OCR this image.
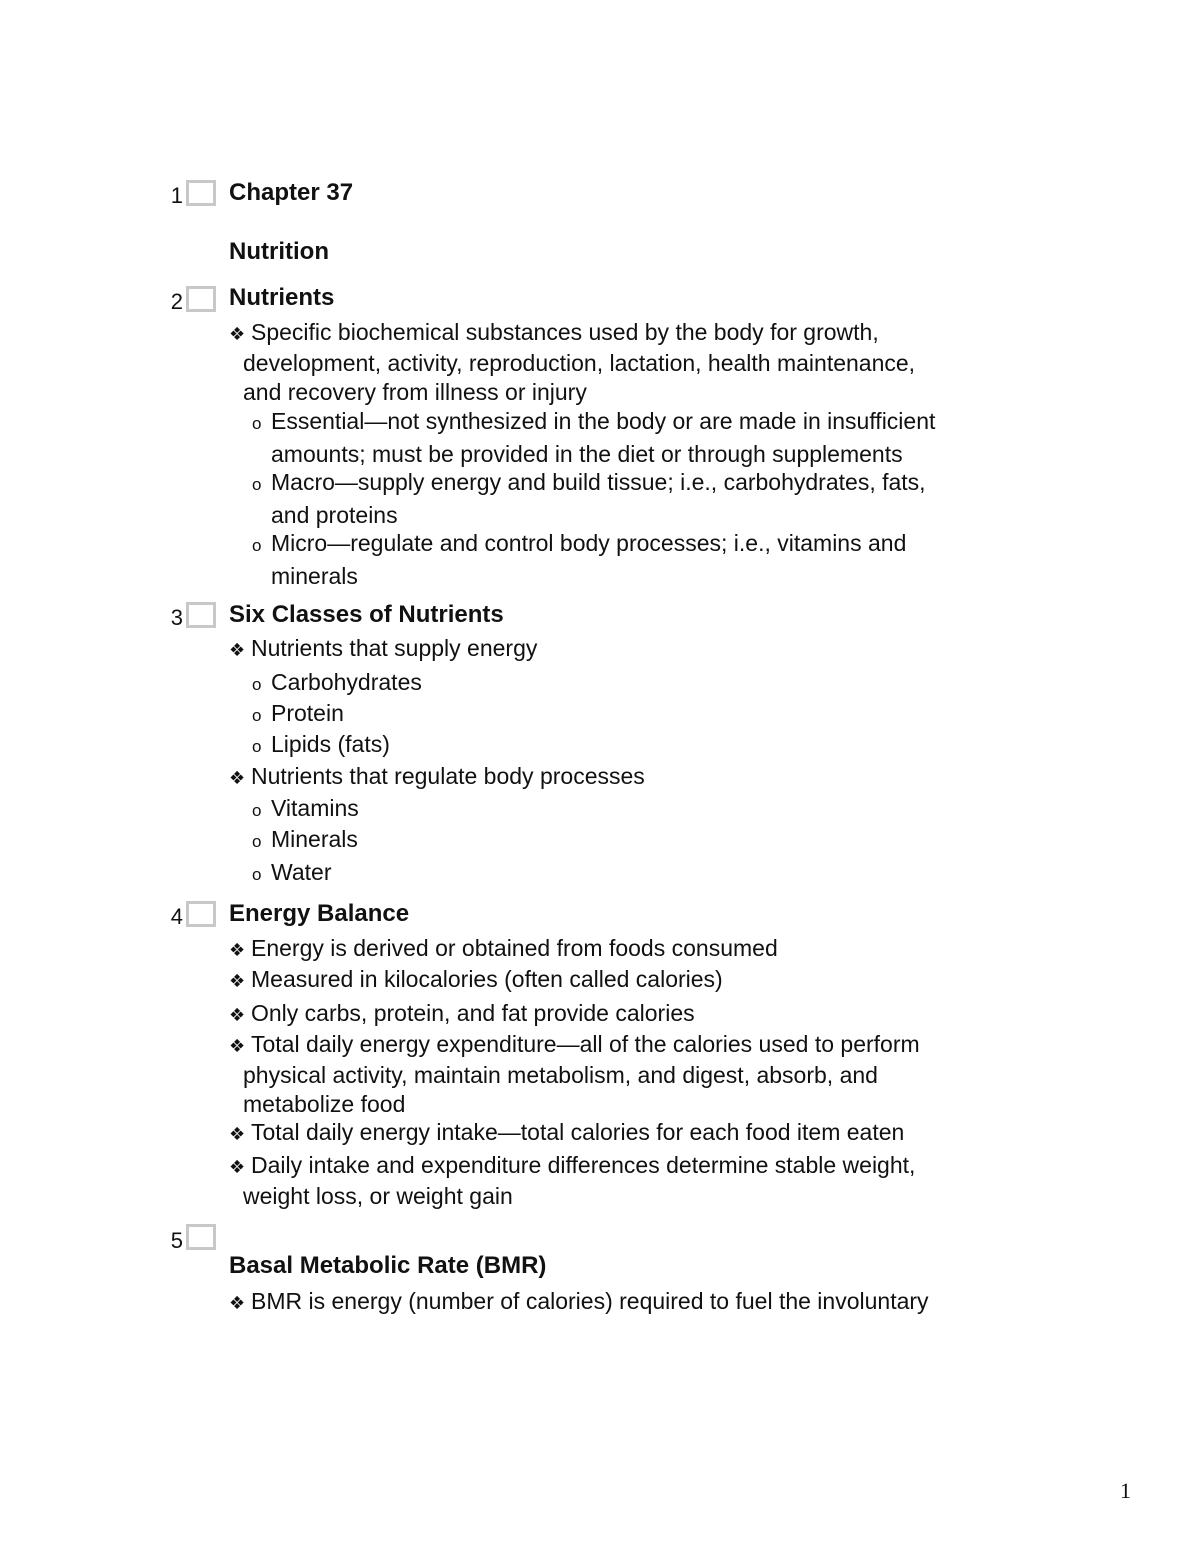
1 Chapter 37
Nutrition
2 Nutrients
❖ Specific biochemical substances used by the body for growth,
development, activity, reproduction, lactation, health maintenance,
and recovery from illness or injury
o Essential—not synthesized in the body or are made in insufficient
amounts; must be provided in the diet or through supplements
o Macro—supply energy and build tissue; i.e., carbohydrates, fats,
and proteins
o Micro—regulate and control body processes; i.e., vitamins and
minerals
3 Six Classes of Nutrients
❖ Nutrients that supply energy
o Carbohydrates
o Protein
o Lipids (fats)
❖ Nutrients that regulate body processes
o Vitamins
o Minerals
o Water
4 Energy Balance
❖ Energy is derived or obtained from foods consumed
❖ Measured in kilocalories (often called calories)
❖ Only carbs, protein, and fat provide calories
❖ Total daily energy expenditure—all of the calories used to perform
physical activity, maintain metabolism, and digest, absorb, and
metabolize food
❖ Total daily energy intake—total calories for each food item eaten
❖ Daily intake and expenditure differences determine stable weight,
weight loss, or weight gain
5
Basal Metabolic Rate (BMR)
❖ BMR is energy (number of calories) required to fuel the involuntary
1
